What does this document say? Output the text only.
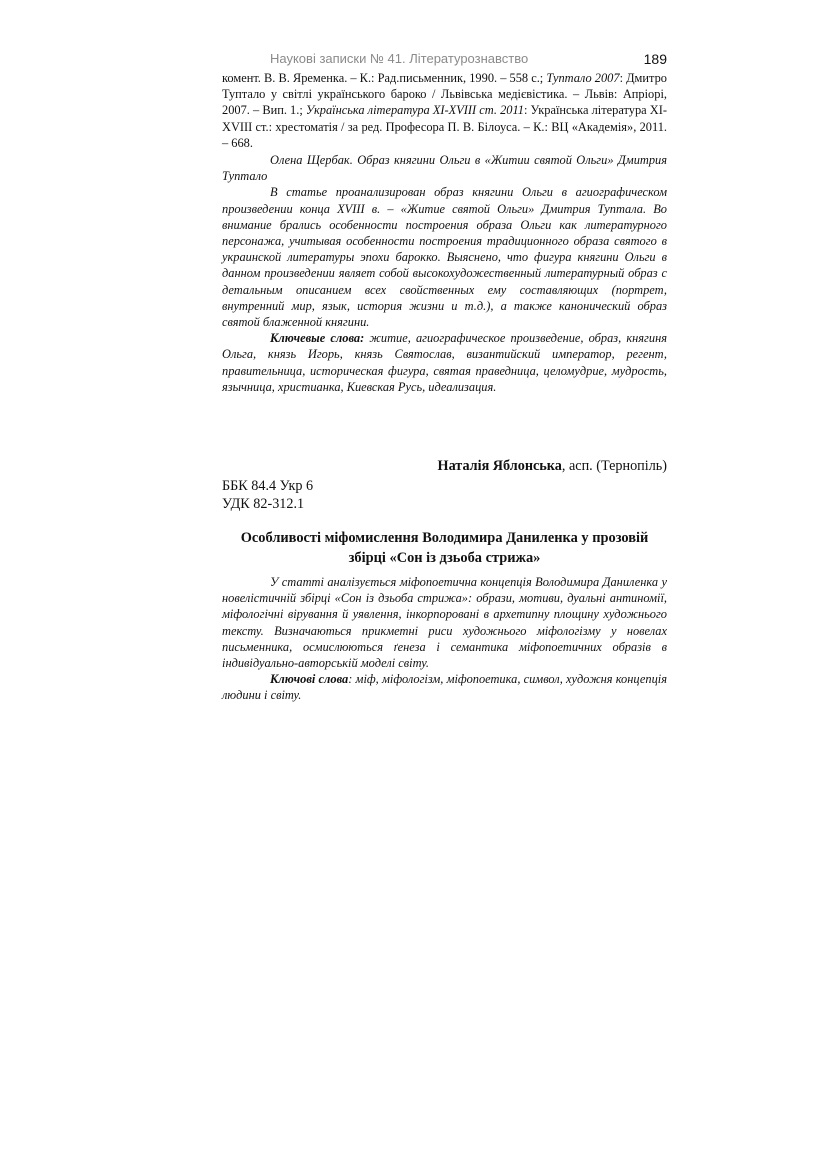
Наукові записки № 41. Літературознавство	189

комент. В. В. Яременка. – К.: Рад.письменник, 1990. – 558 с.; Туптало 2007: Дмитро Туптало у світлі українського бароко / Львівська медієвістика. – Львів: Апріорі, 2007. – Вип. 1.; Українська література XI-XVIII ст. 2011: Українська література XI-XVIII ст.: хрестоматія / за ред. Професора П. В. Білоуса. – К.: ВЦ «Академія», 2011. – 668.

Олена Щербак. Образ княгини Ольги в «Житии святой Ольги» Дмитрия Туптало

В статье проанализирован образ княгини Ольги в агиографическом произведении конца XVIII в. – «Житие святой Ольги» Дмитрия Туптала. Во внимание брались особенности построения образа Ольги как литературного персонажа, учитывая особенности построения традиционного образа святого в украинской литературы эпохи барокко. Выяснено, что фигура княгини Ольги в данном произведении являет собой высокохудожественный литературный образ с детальным описанием всех свойственных ему составляющих (портрет, внутренний мир, язык, история жизни и т.д.), а также канонический образ святой блаженной княгини.

Ключевые слова: житие, агиографическое произведение, образ, княгиня Ольга, князь Игорь, князь Святослав, византийский император, регент, правительница, историческая фигура, святая праведница, целомудрие, мудрость, язычница, христианка, Киевская Русь, идеализация.

Наталія Яблонська, асп. (Тернопіль)
ББК 84.4 Укр 6
УДК 82-312.1
Особливості міфомислення Володимира Даниленка у прозовій
збірці «Сон із дзьоба стрижа»

У статті аналізується міфопоетична концепція Володимира Даниленка у новелістичній збірці «Сон із дзьоба стрижа»: образи, мотиви, дуальні антиномії, міфологічні вірування й уявлення, інкорпоровані в архетипну площину художнього тексту. Визначаються прикметні риси художнього міфологізму у новелах письменника, осмислюються ґенеза і семантика міфопоетичних образів в індивідуально-авторській моделі світу.

Ключові слова: міф, міфологізм, міфопоетика, символ, художня концепція людини і світу.
